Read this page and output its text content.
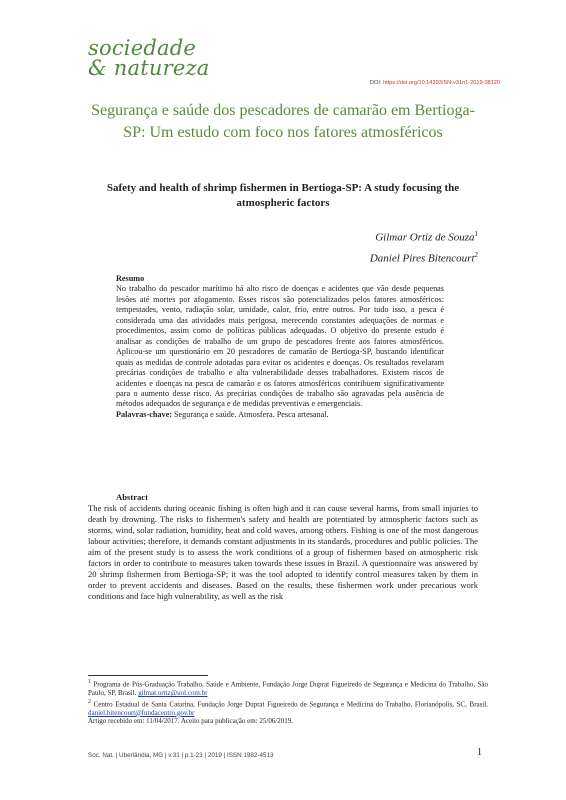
sociedade
& natureza
DOI: https://doi.org/10.14393/SN-v31n1-2019-38120
Segurança e saúde dos pescadores de camarão em Bertioga-SP: Um estudo com foco nos fatores atmosféricos
Safety and health of shrimp fishermen in Bertioga-SP: A study focusing the atmospheric factors
Gilmar Ortiz de Souza$^1$
Daniel Pires Bitencourt$^2$
Resumo
No trabalho do pescador marítimo há alto risco de doenças e acidentes que vão desde pequenas lesões até mortes por afogamento. Esses riscos são potencializados pelos fatores atmosféricos: tempestades, vento, radiação solar, umidade, calor, frio, entre outros. Por tudo isso, a pesca é considerada uma das atividades mais perigosa, merecendo constantes adequações de normas e procedimentos, assim como de políticas públicas adequadas. O objetivo do presente estudo é analisar as condições de trabalho de um grupo de pescadores frente aos fatores atmosféricos. Aplicou-se um questionário em 20 pescadores de camarão de Bertioga-SP, buscando identificar quais as medidas de controle adotadas para evitar os acidentes e doenças. Os resultados revelaram precárias condições de trabalho e alta vulnerabilidade desses trabalhadores. Existem riscos de acidentes e doenças na pesca de camarão e os fatores atmosféricos contribuem significativamente para o aumento desse risco. As precárias condições de trabalho são agravadas pela ausência de métodos adequados de segurança e de medidas preventivas e emergenciais.
Palavras-chave: Segurança e saúde. Atmosfera. Pesca artesanal.
Abstract
The risk of accidents during oceanic fishing is often high and it can cause several harms, from small injuries to death by drowning. The risks to fishermen's safety and health are potentiated by atmospheric factors such as storms, wind, solar radiation, humidity, heat and cold waves, among others. Fishing is one of the most dangerous labour activities; therefore, it demands constant adjustments in its standards, procedures and public policies. The aim of the present study is to assess the work conditions of a group of fishermen based on atmospheric risk factors in order to contribute to measures taken towards these issues in Brazil. A questionnaire was answered by 20 shrimp fishermen from Bertioga-SP; it was the tool adopted to identify control measures taken by them in order to prevent accidents and diseases. Based on the results, these fishermen work under precarious work conditions and face high vulnerability, as well as the risk
$^1$ Programa de Pós-Graduação Trabalho, Saúde e Ambiente, Fundação Jorge Duprat Figueiredo de Segurança e Medicina do Trabalho, São Paulo, SP, Brasil. gilmar.ortiz@uol.com.br
$^2$ Centro Estadual de Santa Catarina, Fundação Jorge Duprat Figueiredo de Segurança e Medicina do Trabalho, Florianópolis, SC, Brasil. daniel.bitencourt@fundacentro.gov.br
Artigo recebido em: 11/04/2017. Aceito para publicação em: 25/06/2019.
Soc. Nat. | Uberlândia, MG | v.31 | p.1-23 | 2019 | ISSN 1982-4513	1
